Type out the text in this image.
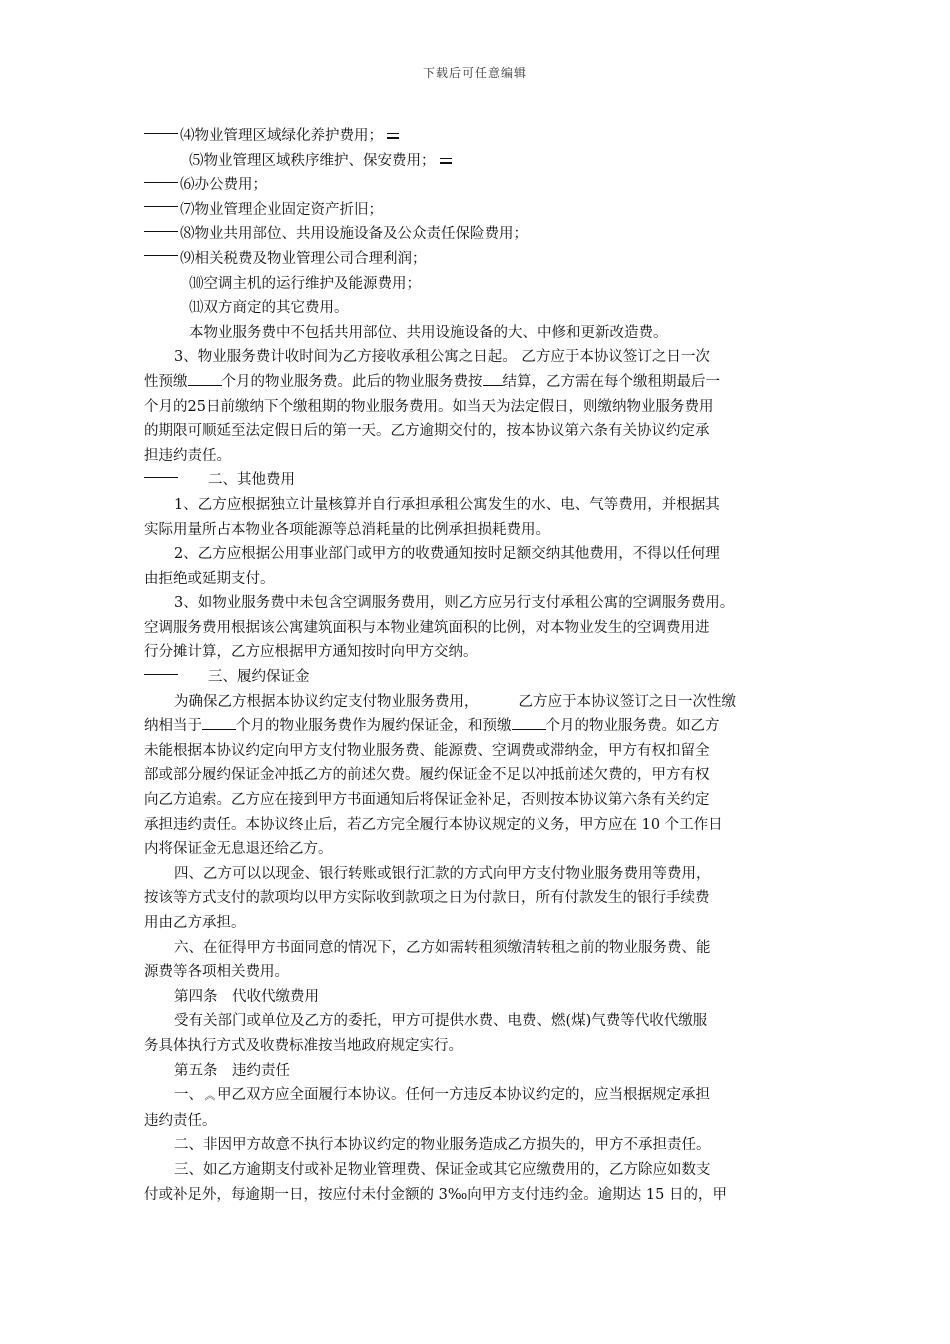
下载后可任意编辑
⑷物业管理区域绿化养护费用；
⑸物业管理区域秩序维护、保安费用；
⑹办公费用；
⑺物业管理企业固定资产折旧；
⑻物业共用部位、共用设施设备及公众责任保险费用；
⑼相关税费及物业管理公司合理利润；
⑽空调主机的运行维护及能源费用；
⑾双方商定的其它费用。
本物业服务费中不包括共用部位、共用设施设备的大、中修和更新改造费。
3、物业服务费计收时间为乙方接收承租公寓之日起。 乙方应于本协议签订之日一次
性预缴 个月的物业服务费。此后的物业服务费按 结算，乙方需在每个缴租期最后一
个月的25日前缴纳下个缴租期的物业服务费用。如当天为法定假日，则缴纳物业服务费用
的期限可顺延至法定假日后的第一天。乙方逾期交付的，按本协议第六条有关协议约定承
担违约责任。
二、其他费用
1、乙方应根据独立计量核算并自行承担承租公寓发生的水、电、气等费用，并根据其
实际用量所占本物业各项能源等总消耗量的比例承担损耗费用。
2、乙方应根据公用事业部门或甲方的收费通知按时足额交纳其他费用，不得以任何理
由拒绝或延期支付。
3、如物业服务费中未包含空调服务费用，则乙方应另行支付承租公寓的空调服务费用。
空调服务费用根据该公寓建筑面积与本物业建筑面积的比例，对本物业发生的空调费用进
行分摊计算，乙方应根据甲方通知按时向甲方交纳。
三、履约保证金
为确保乙方根据本协议约定支付物业服务费用，	乙方应于本协议签订之日一次性缴
纳相当于 个月的物业服务费作为履约保证金，和预缴 个月的物业服务费。如乙方
未能根据本协议约定向甲方支付物业服务费、能源费、空调费或滞纳金，甲方有权扣留全
部或部分履约保证金冲抵乙方的前述欠费。履约保证金不足以冲抵前述欠费的，甲方有权
向乙方追索。乙方应在接到甲方书面通知后将保证金补足，否则按本协议第六条有关约定
承担违约责任。本协议终止后，若乙方完全履行本协议规定的义务，甲方应在 10 个工作日
内将保证金无息退还给乙方。
四、乙方可以以现金、银行转账或银行汇款的方式向甲方支付物业服务费用等费用，
按该等方式支付的款项均以甲方实际收到款项之日为付款日，所有付款发生的银行手续费
用由乙方承担。
六、在征得甲方书面同意的情况下，乙方如需转租须缴清转租之前的物业服务费、能
源费等各项相关费用。
第四条　代收代缴费用
受有关部门或单位及乙方的委托，甲方可提供水费、电费、燃(煤)气费等代收代缴服
务具体执行方式及收费标准按当地政府规定实行。
第五条　违约责任
一、 ︽ 甲乙双方应全面履行本协议。任何一方违反本协议约定的，应当根据规定承担
违约责任。
二、非因甲方故意不执行本协议约定的物业服务造成乙方损失的，甲方不承担责任。
三、如乙方逾期支付或补足物业管理费、保证金或其它应缴费用的，乙方除应如数支
付或补足外，每逾期一日，按应付未付金额的 3‰向甲方支付违约金。逾期达 15 日的，甲
